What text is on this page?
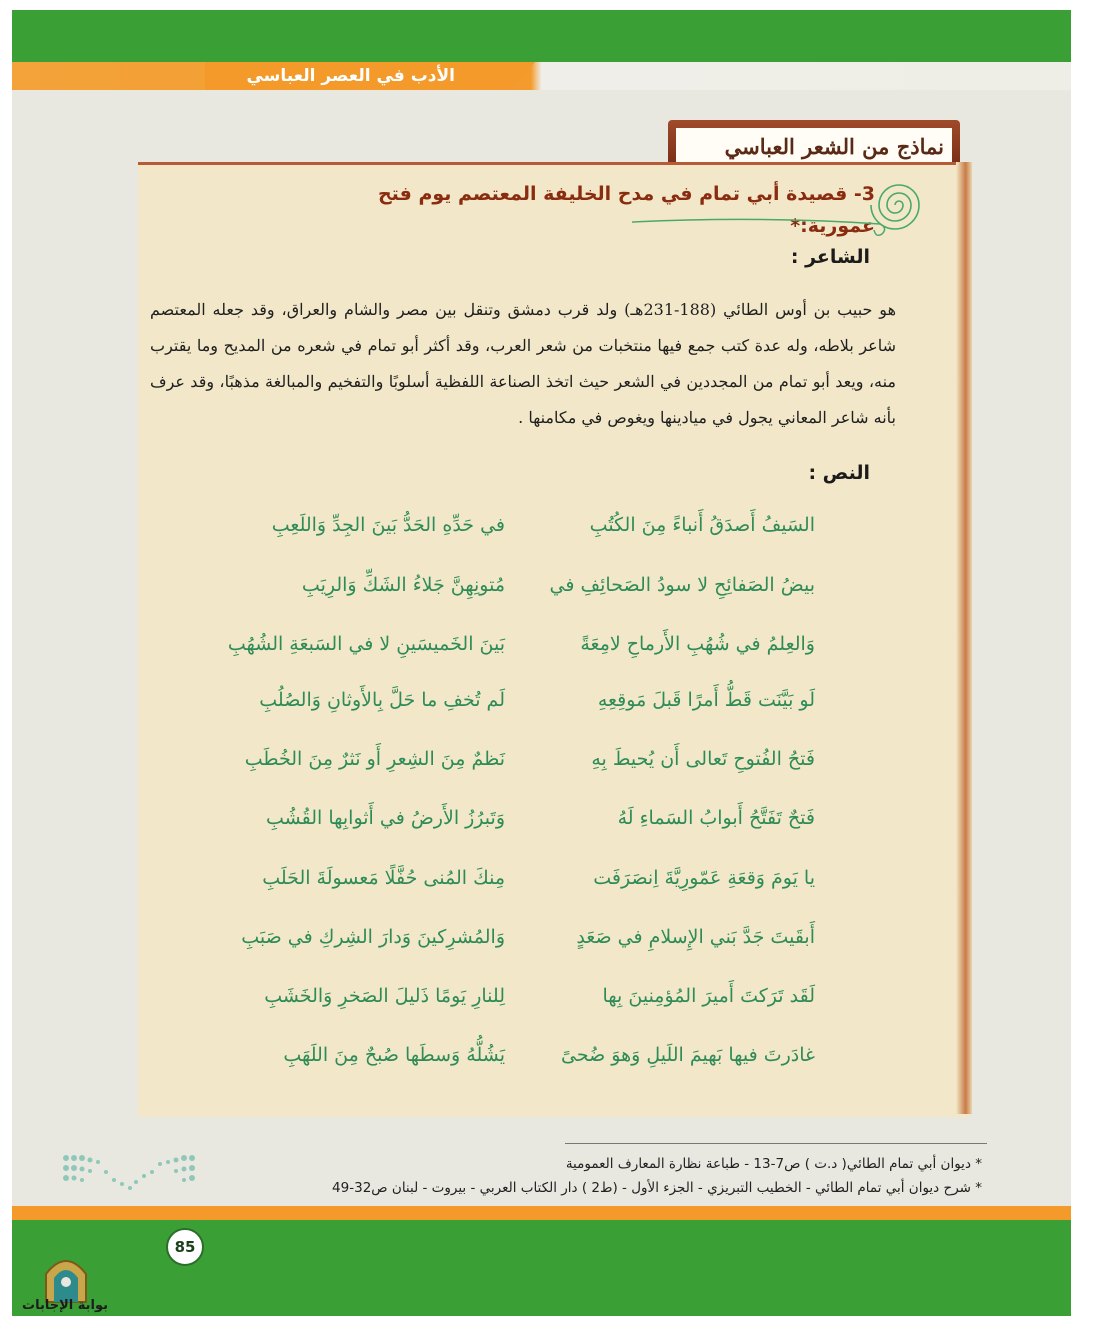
الأدب في العصر العباسي
نماذج من الشعر العباسي
3- قصيدة أبي تمام في مدح الخليفة المعتصم يوم فتح عمورية:*
الشاعر :
هو حبيب بن أوس الطائي (188-231هـ) ولد قرب دمشق وتنقل بين مصر والشام والعراق، وقد جعله المعتصم شاعر بلاطه، وله عدة كتب جمع فيها منتخبات من شعر العرب، وقد أكثر أبو تمام في شعره من المديح وما يقترب منه، ويعد أبو تمام من المجددين في الشعر حيث اتخذ الصناعة اللفظية أسلوبًا والتفخيم والمبالغة مذهبًا، وقد عرف بأنه شاعر المعاني يجول في ميادينها ويغوص في مكامنها .
النص :
السَيفُ أَصدَقُ أَنباءً مِنَ الكُتُبِ
في حَدِّهِ الحَدُّ بَينَ الجِدِّ وَاللَعِبِ
بيضُ الصَفائِحِ لا سودُ الصَحائِفِ في
مُتونِهِنَّ جَلاءُ الشَكِّ وَالرِيَبِ
وَالعِلمُ في شُهُبِ الأَرماحِ لامِعَةً
بَينَ الخَميسَينِ لا في السَبعَةِ الشُهُبِ
لَو بَيَّنَت قَطُّ أَمرًا قَبلَ مَوقِعِهِ
لَم تُخفِ ما حَلَّ بِالأَوثانِ وَالصُلُبِ
فَتحُ الفُتوحِ تَعالى أَن يُحيطَ بِهِ
نَظمٌ مِنَ الشِعرِ أَو نَثرٌ مِنَ الخُطَبِ
فَتحٌ تَفَتَّحُ أَبوابُ السَماءِ لَهُ
وَتَبرُزُ الأَرضُ في أَثوابِها القُشُبِ
يا يَومَ وَقعَةِ عَمّورِيَّةَ اِنصَرَفَت
مِنكَ المُنى حُفَّلًا مَعسولَةَ الحَلَبِ
أَبقَيتَ جَدَّ بَني الإِسلامِ في صَعَدٍ
وَالمُشرِكينَ وَدارَ الشِركِ في صَبَبِ
لَقَد تَرَكتَ أَميرَ المُؤمِنينَ بِها
لِلنارِ يَومًا ذَليلَ الصَخرِ وَالخَشَبِ
غادَرتَ فيها بَهيمَ اللَيلِ وَهوَ ضُحىً
يَشُلُّهُ وَسطَها صُبحٌ مِنَ اللَهَبِ
* ديوان أبي تمام الطائي( د.ت ) ص7-13 - طباعة نظارة المعارف العمومية
* شرح ديوان أبي تمام الطائي - الخطيب التبريزي - الجزء الأول - (ط2 ) دار الكتاب العربي - بيروت - لبنان ص32-49
85
بوابة الإجابات
